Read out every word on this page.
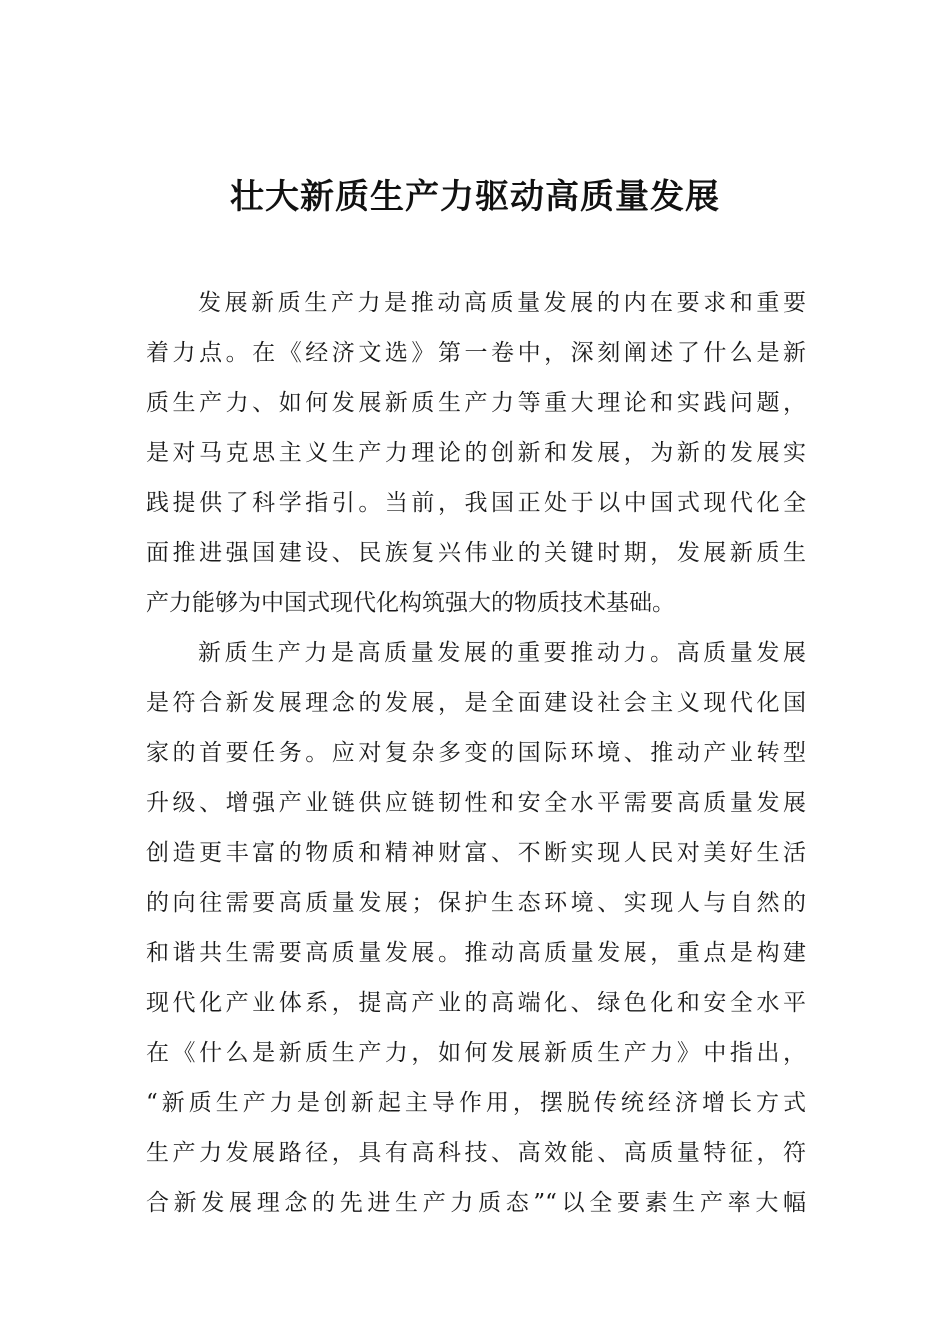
壮大新质生产力驱动高质量发展
发展新质生产力是推动高质量发展的内在要求和重要
着力点。在《经济文选》第一卷中，深刻阐述了什么是新
质生产力、如何发展新质生产力等重大理论和实践问题，
是对马克思主义生产力理论的创新和发展，为新的发展实
践提供了科学指引。当前，我国正处于以中国式现代化全
面推进强国建设、民族复兴伟业的关键时期，发展新质生
产力能够为中国式现代化构筑强大的物质技术基础。
新质生产力是高质量发展的重要推动力。高质量发展
是符合新发展理念的发展，是全面建设社会主义现代化国
家的首要任务。应对复杂多变的国际环境、推动产业转型
升级、增强产业链供应链韧性和安全水平需要高质量发展
创造更丰富的物质和精神财富、不断实现人民对美好生活
的向往需要高质量发展；保护生态环境、实现人与自然的
和谐共生需要高质量发展。推动高质量发展，重点是构建
现代化产业体系，提高产业的高端化、绿色化和安全水平
在《什么是新质生产力，如何发展新质生产力》中指出，
“新质生产力是创新起主导作用，摆脱传统经济增长方式
生产力发展路径，具有高科技、高效能、高质量特征，符
合新发展理念的先进生产力质态”“以全要素生产率大幅
